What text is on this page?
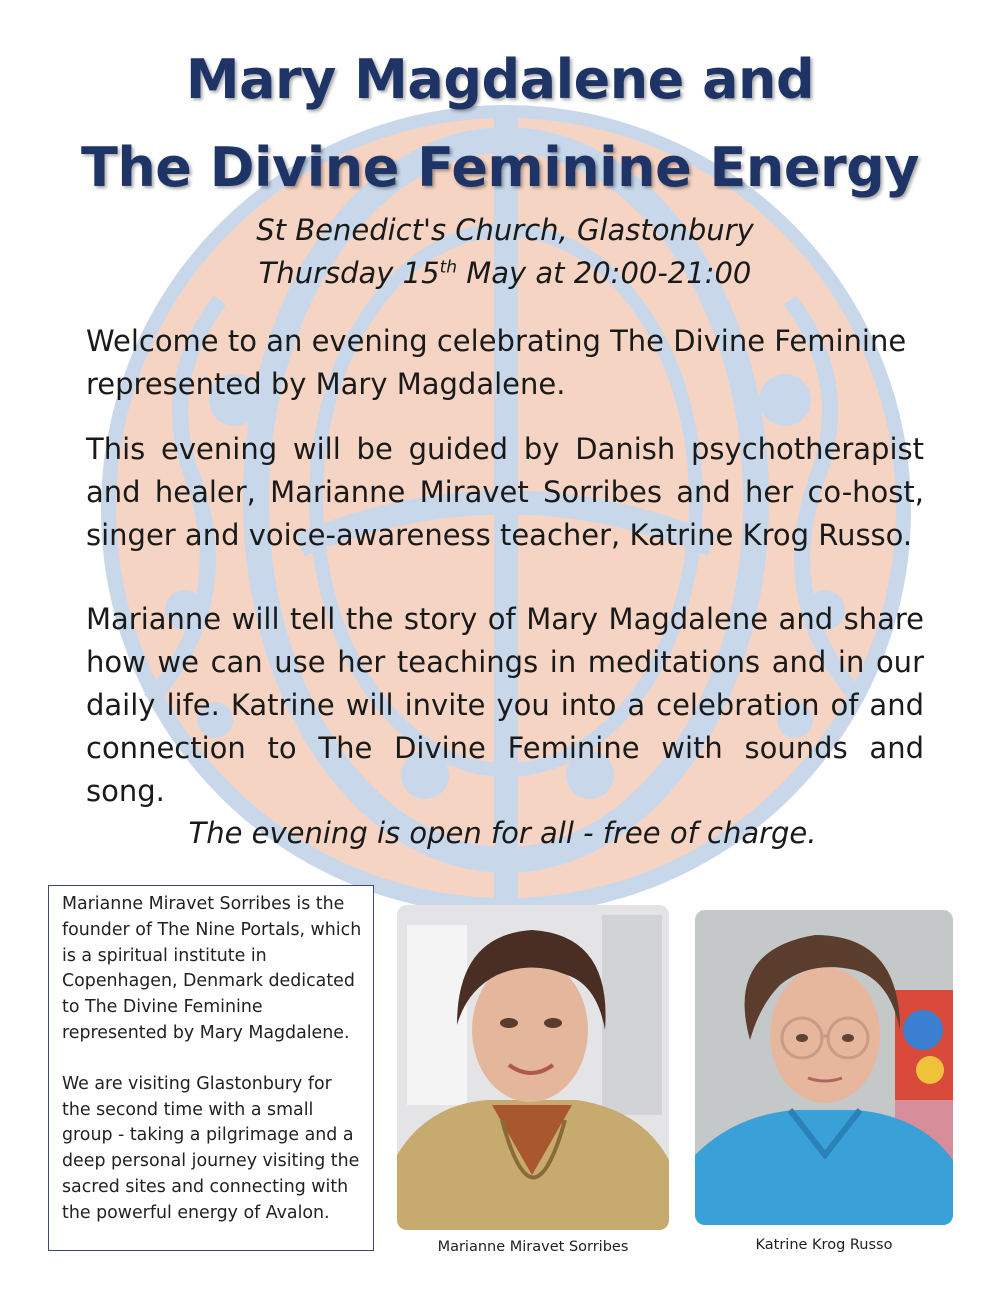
Mary Magdalene and
The Divine Feminine Energy
St Benedict's Church, Glastonbury
Thursday 15th May at 20:00-21:00

Welcome to an evening celebrating The Divine Feminine represented by Mary Magdalene.

This evening will be guided by Danish psychotherapist and healer, Marianne Miravet Sorribes and her co-host, singer and voice-awareness teacher, Katrine Krog Russo.

Marianne will tell the story of Mary Magdalene and share how we can use her teachings in meditations and in our daily life. Katrine will invite you into a celebration of and connection to The Divine Feminine with sounds and song.

The evening is open for all - free of charge.

Marianne Miravet Sorribes is the founder of The Nine Portals, which is a spiritual institute in Copenhagen, Denmark dedicated to The Divine Feminine represented by Mary Magdalene.

We are visiting Glastonbury for the second time with a small group - taking a pilgrimage and a deep personal journey visiting the sacred sites and connecting with the powerful energy of Avalon.

Marianne Miravet Sorribes	Katrine Krog Russo
